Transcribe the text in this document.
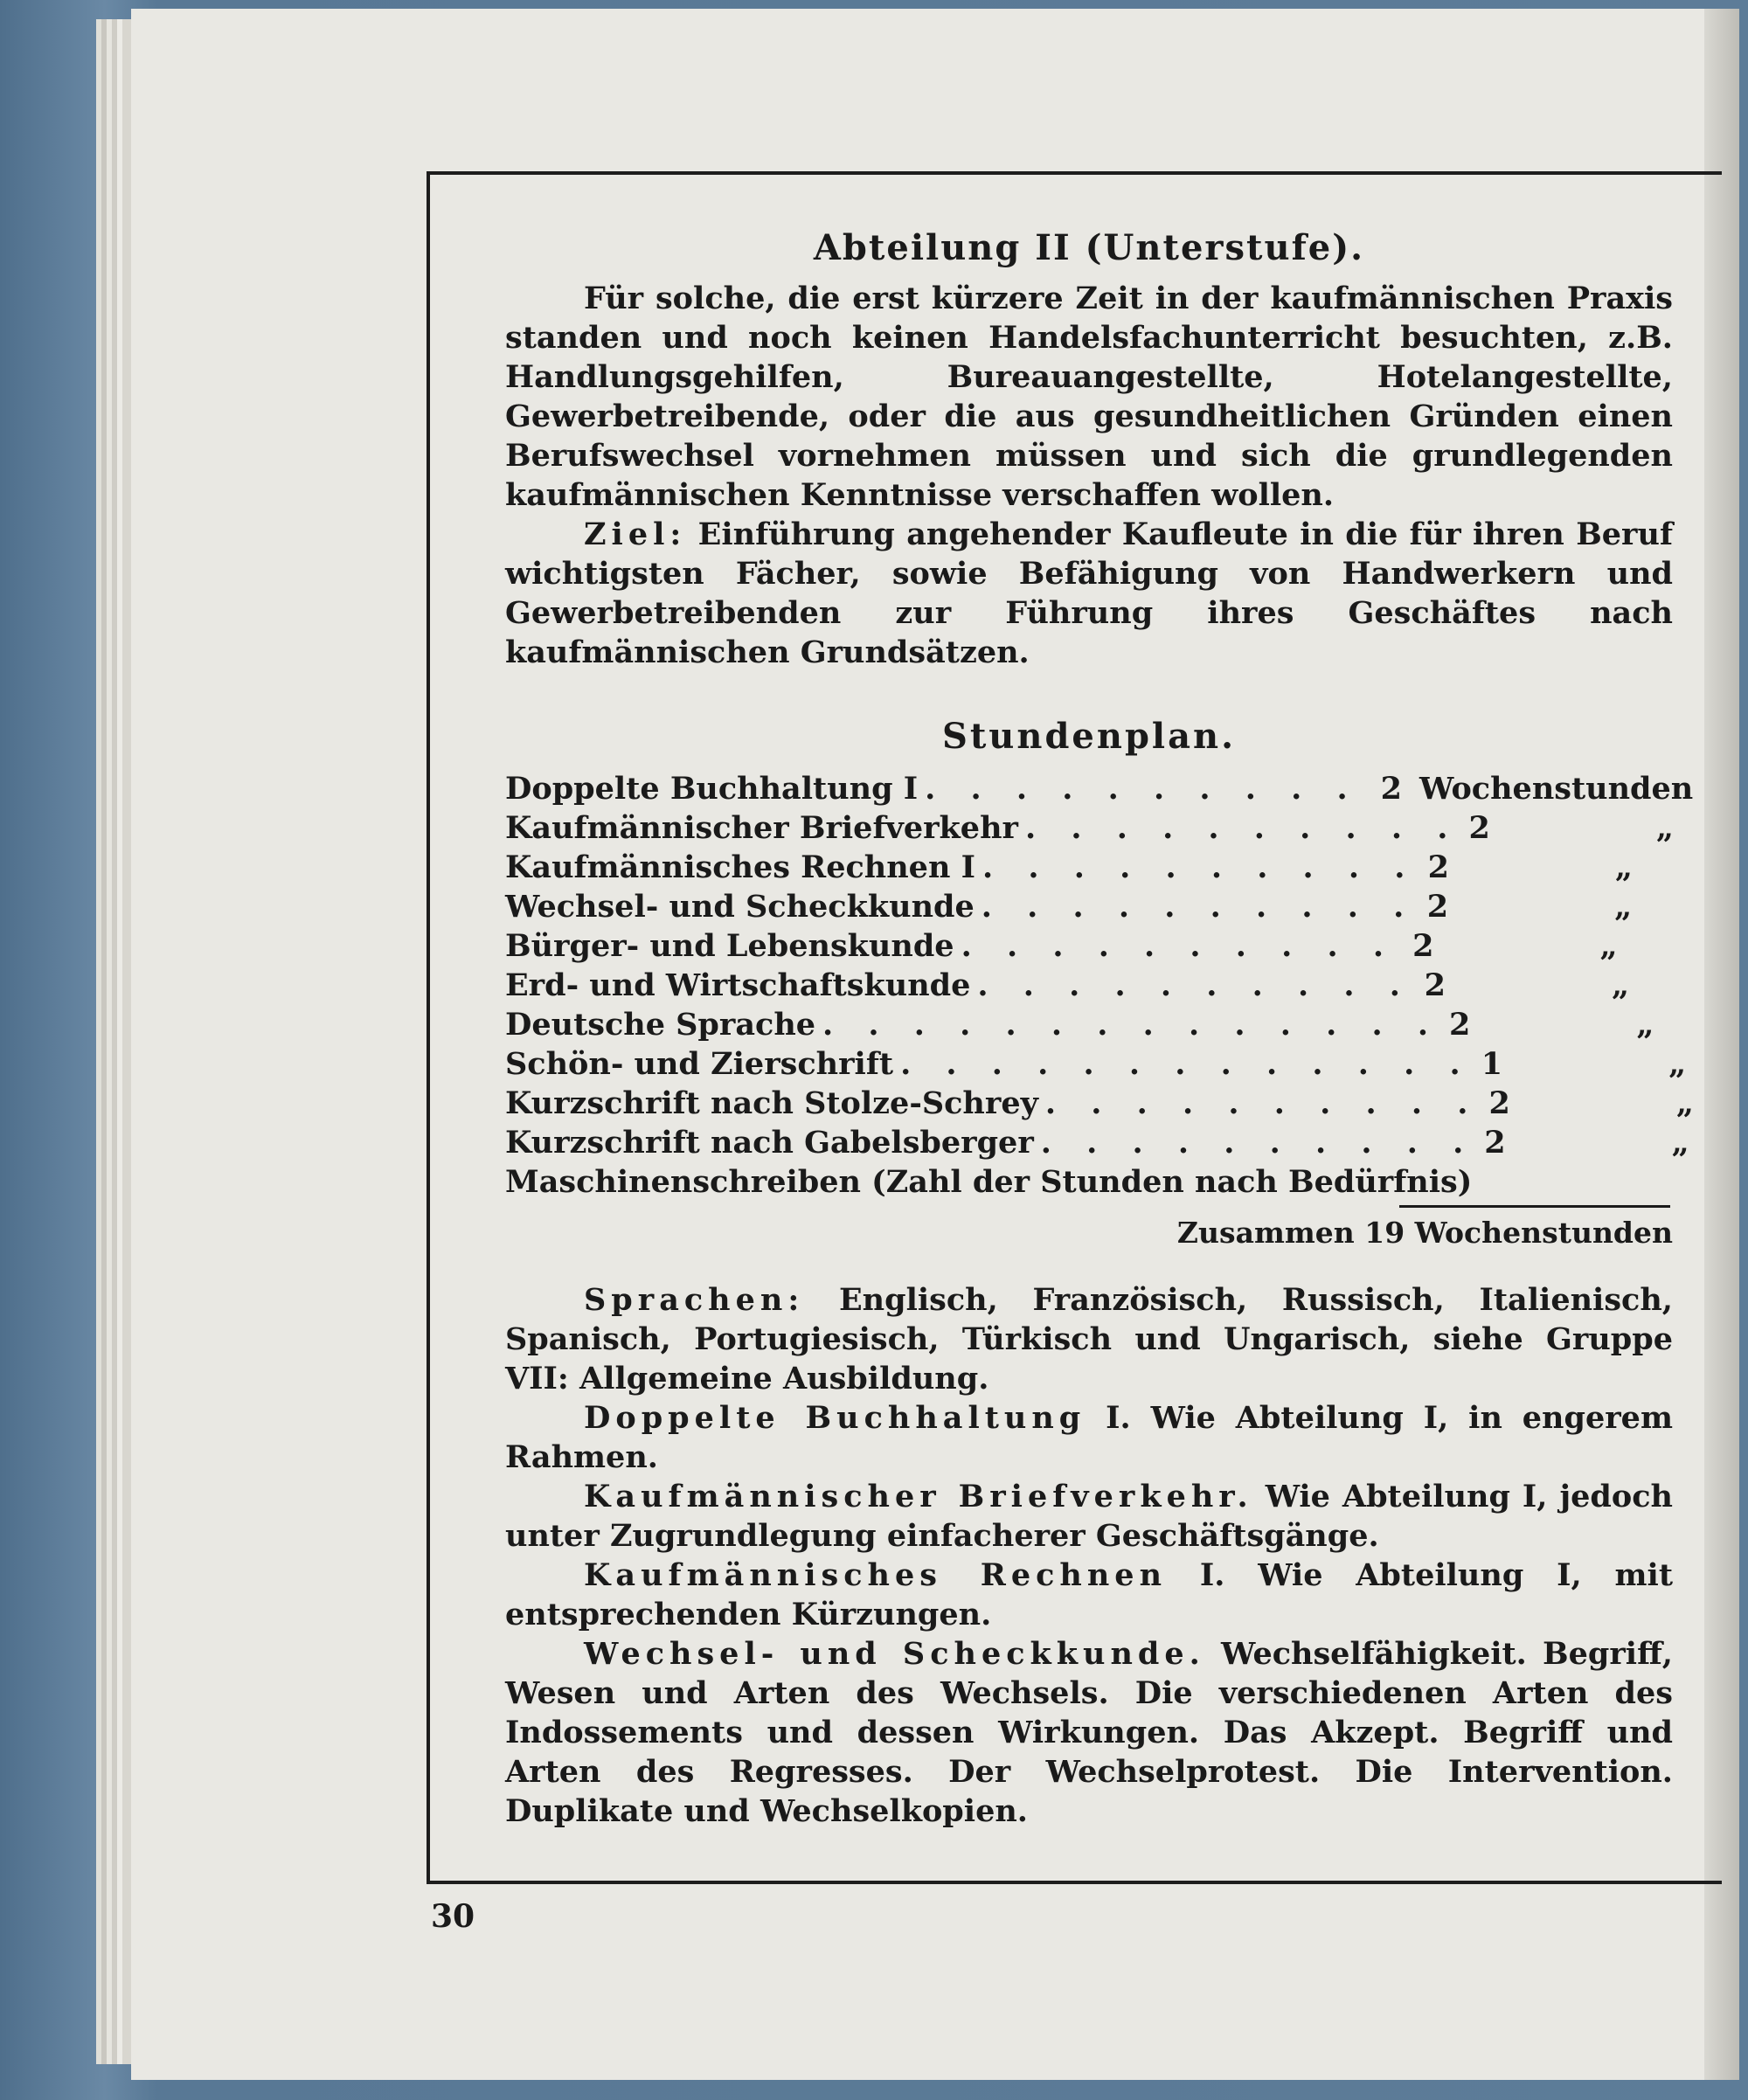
Abteilung II (Unterstufe).

Für solche, die erst kürzere Zeit in der kaufmännischen Praxis standen und noch keinen Handelsfachunterricht besuchten, z.B. Handlungsgehilfen, Bureauangestellte, Hotelangestellte, Gewerbetreibende, oder die aus gesundheitlichen Gründen einen Berufswechsel vornehmen müssen und sich die grundlegenden kaufmännischen Kenntnisse verschaffen wollen.

Ziel: Einführung angehender Kaufleute in die für ihren Beruf wichtigsten Fächer, sowie Befähigung von Handwerkern und Gewerbetreibenden zur Führung ihres Geschäftes nach kaufmännischen Grundsätzen.

Stundenplan.
Doppelte Buchhaltung I . . . . . . . . . . 2 Wochenstunden
Kaufmännischer Briefverkehr . . . . . . . . . . 2	„
Kaufmännisches Rechnen I . . . . . . . . . . 2	„
Wechsel- und Scheckkunde . . . . . . . . . . 2	„
Bürger- und Lebenskunde . . . . . . . . . . 2	„
Erd- und Wirtschaftskunde . . . . . . . . . . 2	„
Deutsche Sprache . . . . . . . . . . . . . . 2	„
Schön- und Zierschrift . . . . . . . . . . . . . 1	„
Kurzschrift nach Stolze-Schrey . . . . . . . . . . 2	„
Kurzschrift nach Gabelsberger . . . . . . . . . . 2	„
Maschinenschreiben (Zahl der Stunden nach Bedürfnis)
Zusammen 19 Wochenstunden

Sprachen: Englisch, Französisch, Russisch, Italienisch, Spanisch, Portugiesisch, Türkisch und Ungarisch, siehe Gruppe VII: Allgemeine Ausbildung.

Doppelte Buchhaltung I. Wie Abteilung I, in engerem Rahmen.

Kaufmännischer Briefverkehr. Wie Abteilung I, jedoch unter Zugrundlegung einfacherer Geschäftsgänge.

Kaufmännisches Rechnen I. Wie Abteilung I, mit entsprechenden Kürzungen.

Wechsel- und Scheckkunde. Wechselfähigkeit. Begriff, Wesen und Arten des Wechsels. Die verschiedenen Arten des Indossements und dessen Wirkungen. Das Akzept. Begriff und Arten des Regresses. Der Wechselprotest. Die Intervention. Duplikate und Wechselkopien.

30
